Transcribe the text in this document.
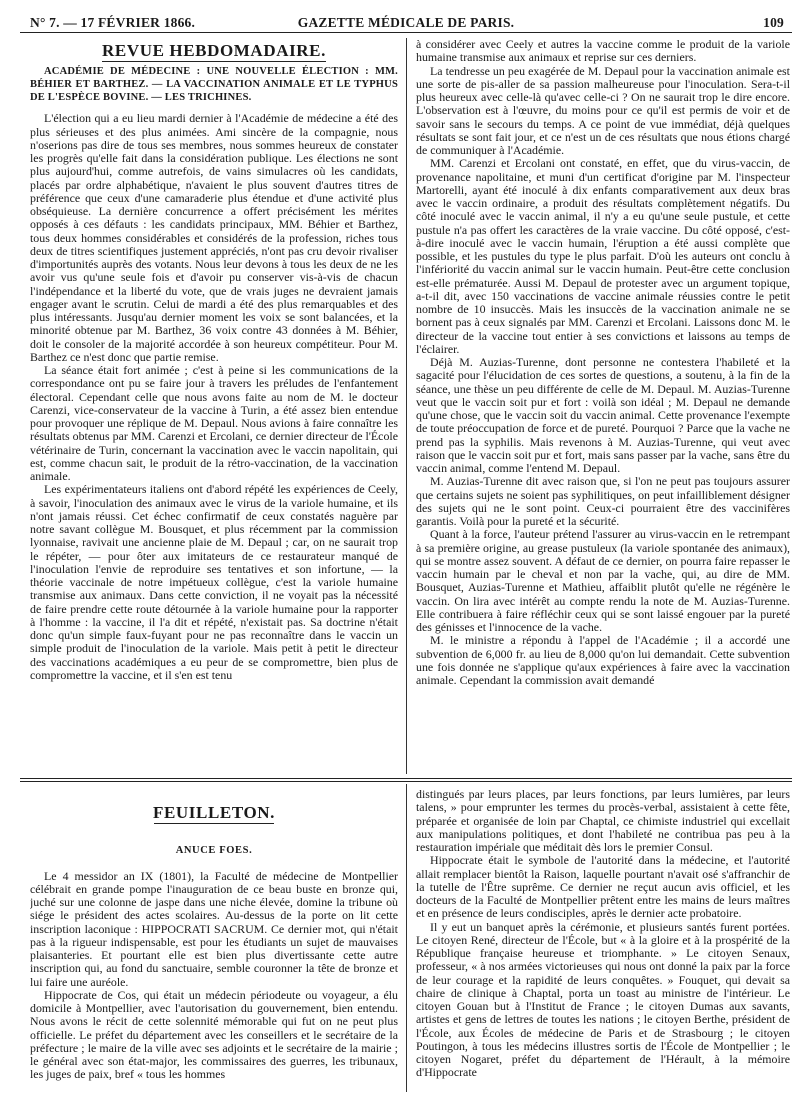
N° 7. — 17 FÉVRIER 1866.	GAZETTE MÉDICALE DE PARIS.	109
REVUE HEBDOMADAIRE.
ACADÉMIE DE MÉDECINE : UNE NOUVELLE ÉLECTION : MM. BÉHIER ET BARTHEZ. — LA VACCINATION ANIMALE ET LE TYPHUS DE L'ESPÈCE BOVINE. — LES TRICHINES.

L'élection qui a eu lieu mardi dernier à l'Académie de médecine a été des plus sérieuses et des plus animées. Ami sincère de la compagnie, nous n'oserions pas dire de tous ses membres, nous sommes heureux de constater les progrès qu'elle fait dans la considération publique. Les élections ne sont plus aujourd'hui, comme autrefois, de vains simulacres où les candidats, placés par ordre alphabétique, n'avaient le plus souvent d'autres titres de préférence que ceux d'une camaraderie plus étendue et d'une activité plus obséquieuse. La dernière concurrence a offert précisément les mérites opposés à ces défauts : les candidats principaux, MM. Béhier et Barthez, tous deux hommes considérables et considérés de la profession, riches tous deux de titres scientifiques justement appréciés, n'ont pas cru devoir rivaliser d'importunités auprès des votants. Nous leur devons à tous les deux de ne les avoir vus qu'une seule fois et d'avoir pu conserver vis-à-vis de chacun l'indépendance et la liberté du vote, que de vrais juges ne devraient jamais engager avant le scrutin. Celui de mardi a été des plus remarquables et des plus intéressants. Jusqu'au dernier moment les voix se sont balancées, et la minorité obtenue par M. Barthez, 36 voix contre 43 données à M. Béhier, doit le consoler de la majorité accordée à son heureux compétiteur. Pour M. Barthez ce n'est donc que partie remise.

La séance était fort animée ; c'est à peine si les communications de la correspondance ont pu se faire jour à travers les préludes de l'enfantement électoral. Cependant celle que nous avons faite au nom de M. le docteur Carenzi, vice-conservateur de la vaccine à Turin, a été assez bien entendue pour provoquer une réplique de M. Depaul. Nous avions à faire connaître les résultats obtenus par MM. Carenzi et Ercolani, ce dernier directeur de l'École vétérinaire de Turin, concernant la vaccination avec le vaccin napolitain, qui est, comme chacun sait, le produit de la rétro-vaccination, de la vaccination animale.

Les expérimentateurs italiens ont d'abord répété les expériences de Ceely, à savoir, l'inoculation des animaux avec le virus de la variole humaine, et ils n'ont jamais réussi. Cet échec confirmatif de ceux constatés naguère par notre savant collègue M. Bousquet, et plus récemment par la commission lyonnaise, ravivait une ancienne plaie de M. Depaul ; car, on ne saurait trop le répéter, — pour ôter aux imitateurs de ce restaurateur manqué de l'inoculation l'envie de reproduire ses tentatives et son infortune, — la théorie vaccinale de notre impétueux collègue, c'est la variole humaine transmise aux animaux. Dans cette conviction, il ne voyait pas la nécessité de faire prendre cette route détournée à la variole humaine pour la rapporter à l'homme : la vaccine, il l'a dit et répété, n'existait pas. Sa doctrine n'était donc qu'un simple faux-fuyant pour ne pas reconnaître dans le vaccin un simple produit de l'inoculation de la variole. Mais petit à petit le directeur des vaccinations académiques a eu peur de se compromettre, bien plus de compromettre la vaccine, et il s'en est tenu

à considérer avec Ceely et autres la vaccine comme le produit de la variole humaine transmise aux animaux et reprise sur ces derniers.

La tendresse un peu exagérée de M. Depaul pour la vaccination animale est une sorte de pis-aller de sa passion malheureuse pour l'inoculation. Sera-t-il plus heureux avec celle-là qu'avec celle-ci ? On ne saurait trop le dire encore. L'observation est à l'œuvre, du moins pour ce qu'il est permis de voir et de savoir sans le secours du temps. A ce point de vue immédiat, déjà quelques résultats se sont fait jour, et ce n'est un de ces résultats que nous étions chargé de communiquer à l'Académie.

MM. Carenzi et Ercolani ont constaté, en effet, que du virus-vaccin, de provenance napolitaine, et muni d'un certificat d'origine par M. l'inspecteur Martorelli, ayant été inoculé à dix enfants comparativement aux deux bras avec le vaccin ordinaire, a produit des résultats complètement négatifs. Du côté inoculé avec le vaccin animal, il n'y a eu qu'une seule pustule, et cette pustule n'a pas offert les caractères de la vraie vaccine. Du côté opposé, c'est-à-dire inoculé avec le vaccin humain, l'éruption a été aussi complète que possible, et les pustules du type le plus parfait. D'où les auteurs ont conclu à l'infériorité du vaccin animal sur le vaccin humain. Peut-être cette conclusion est-elle prématurée. Aussi M. Depaul de protester avec un argument topique, a-t-il dit, avec 150 vaccinations de vaccine animale réussies contre le petit nombre de 10 insuccès. Mais les insuccès de la vaccination animale ne se bornent pas à ceux signalés par MM. Carenzi et Ercolani. Laissons donc M. le directeur de la vaccine tout entier à ses convictions et laissons au temps de l'éclairer.

Déjà M. Auzias-Turenne, dont personne ne contestera l'habileté et la sagacité pour l'élucidation de ces sortes de questions, a soutenu, à la fin de la séance, une thèse un peu différente de celle de M. Depaul. M. Auzias-Turenne veut que le vaccin soit pur et fort : voilà son idéal ; M. Depaul ne demande qu'une chose, que le vaccin soit du vaccin animal. Cette provenance l'exempte de toute préoccupation de force et de pureté. Pourquoi ? Parce que la vache ne prend pas la syphilis. Mais revenons à M. Auzias-Turenne, qui veut avec raison que le vaccin soit pur et fort, mais sans passer par la vache, sans être du vaccin animal, comme l'entend M. Depaul.

M. Auzias-Turenne dit avec raison que, si l'on ne peut pas toujours assurer que certains sujets ne soient pas syphilitiques, on peut infailliblement désigner des sujets qui ne le sont point. Ceux-ci pourraient être des vaccinifères garantis. Voilà pour la pureté et la sécurité.

Quant à la force, l'auteur prétend l'assurer au virus-vaccin en le retrempant à sa première origine, au grease pustuleux (la variole spontanée des animaux), qui se montre assez souvent. A défaut de ce dernier, on pourra faire repasser le vaccin humain par le cheval et non par la vache, qui, au dire de MM. Bousquet, Auzias-Turenne et Mathieu, affaiblit plutôt qu'elle ne régénère le vaccin. On lira avec intérêt au compte rendu la note de M. Auzias-Turenne. Elle contribuera à faire réfléchir ceux qui se sont laissé engouer par la pureté des génisses et l'innocence de la vache.

M. le ministre a répondu à l'appel de l'Académie ; il a accordé une subvention de 6,000 fr. au lieu de 8,000 qu'on lui demandait. Cette subvention une fois donnée ne s'applique qu'aux expériences à faire avec la vaccination animale. Cependant la commission avait demandé

FEUILLETON.
ANUCE FOES.

Le 4 messidor an IX (1801), la Faculté de médecine de Montpellier célébrait en grande pompe l'inauguration de ce beau buste en bronze qui, juché sur une colonne de jaspe dans une niche élevée, domine la tribune où siége le président des actes scolaires. Au-dessus de la porte on lit cette inscription laconique : HIPPOCRATI SACRUM. Ce dernier mot, qui n'était pas à la rigueur indispensable, est pour les étudiants un sujet de mauvaises plaisanteries. Et pourtant elle est bien plus divertissante cette autre inscription qui, au fond du sanctuaire, semble couronner la tête de bronze et lui faire une auréole.

Hippocrate de Cos, qui était un médecin périodeute ou voyageur, a élu domicile à Montpellier, avec l'autorisation du gouvernement, bien entendu. Nous avons le récit de cette solennité mémorable qui fut on ne peut plus officielle. Le préfet du département avec les conseillers et le secrétaire de la préfecture ; le maire de la ville avec ses adjoints et le secrétaire de la mairie ; le général avec son état-major, les commissaires des guerres, les tribunaux, les juges de paix, bref « tous les hommes

distingués par leurs places, par leurs fonctions, par leurs lumières, par leurs talens, » pour emprunter les termes du procès-verbal, assistaient à cette fête, préparée et organisée de loin par Chaptal, ce chimiste industriel qui excellait aux manipulations politiques, et dont l'habileté ne contribua pas peu à la restauration impériale que méditait dès lors le premier Consul.

Hippocrate était le symbole de l'autorité dans la médecine, et l'autorité allait remplacer bientôt la Raison, laquelle pourtant n'avait osé s'affranchir de la tutelle de l'Être suprême. Ce dernier ne reçut aucun avis officiel, et les docteurs de la Faculté de Montpellier prêtent entre les mains de leurs maîtres et en présence de leurs condisciples, après le dernier acte probatoire.

Il y eut un banquet après la cérémonie, et plusieurs santés furent portées. Le citoyen René, directeur de l'École, but « à la gloire et à la prospérité de la République française heureuse et triomphante. » Le citoyen Senaux, professeur, « à nos armées victorieuses qui nous ont donné la paix par la force de leur courage et la rapidité de leurs conquêtes. » Fouquet, qui devait sa chaire de clinique à Chaptal, porta un toast au ministre de l'intérieur. Le citoyen Gouan but à l'Institut de France ; le citoyen Dumas aux savants, artistes et gens de lettres de toutes les nations ; le citoyen Berthe, président de l'École, aux Écoles de médecine de Paris et de Strasbourg ; le citoyen Poutingon, à tous les médecins illustres sortis de l'École de Montpellier ; le citoyen Nogaret, préfet du département de l'Hérault, à la mémoire d'Hippocrate
